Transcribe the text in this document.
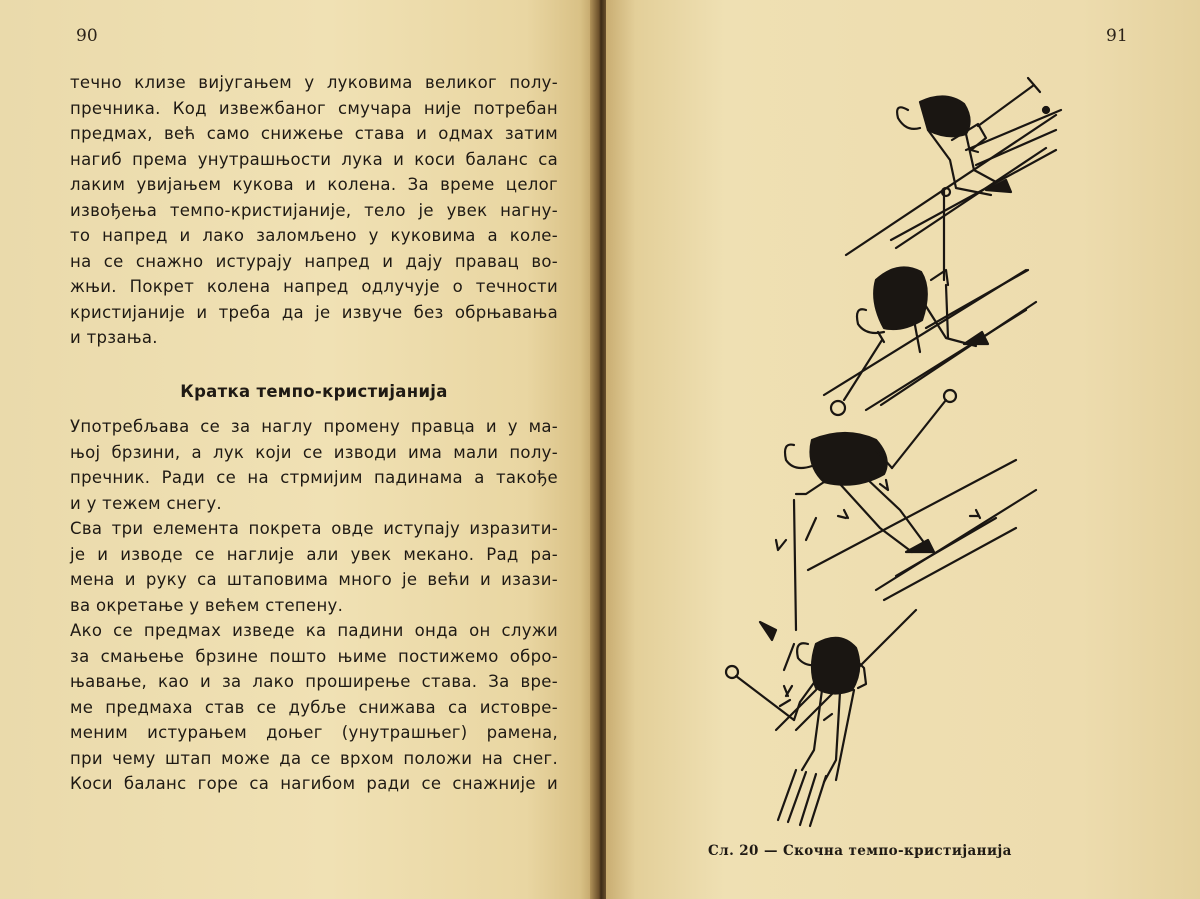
90

течно клизе вијугањем у луковима великог полу-
пречника. Код извежбаног смучара није потребан
предмах, већ само снижење става и одмах затим
нагиб према унутрашњости лука и коси баланс са
лаким увијањем кукова и колена. За време целог
извођења темпо-кристијаније, тело је увек нагну-
то напред и лако заломљено у куковима а коле-
на се снажно истурају напред и дају правац во-
жњи. Покрет колена напред одлучује о течности
кристијаније и треба да је извуче без обрњавања
и трзања.

Кратка темпо-кристијанија

Употребљава се за наглу промену правца и у ма-
њој брзини, а лук који се изводи има мали полу-
пречник. Ради се на стрмијим падинама а такође
и у тежем снегу.

Сва три елемента покрета овде иступају изразити-
је и изводе се наглије али увек мекано. Рад ра-
мена и руку са штаповима много је већи и изази-
ва окретање у већем степену.

Ако се предмах изведе ка падини онда он служи
за смањење брзине пошто њиме постижемо обро-
њавање, као и за лако проширење става. За вре-
ме предмаха став се дубље снижава са истовре-
меним истурањем доњег (унутрашњег) рамена,
при чему штап може да се врхом положи на снег.
Коси баланс горе са нагибом ради се снажније и

91
Сл. 20 — Скочна темпо-кристијанија
